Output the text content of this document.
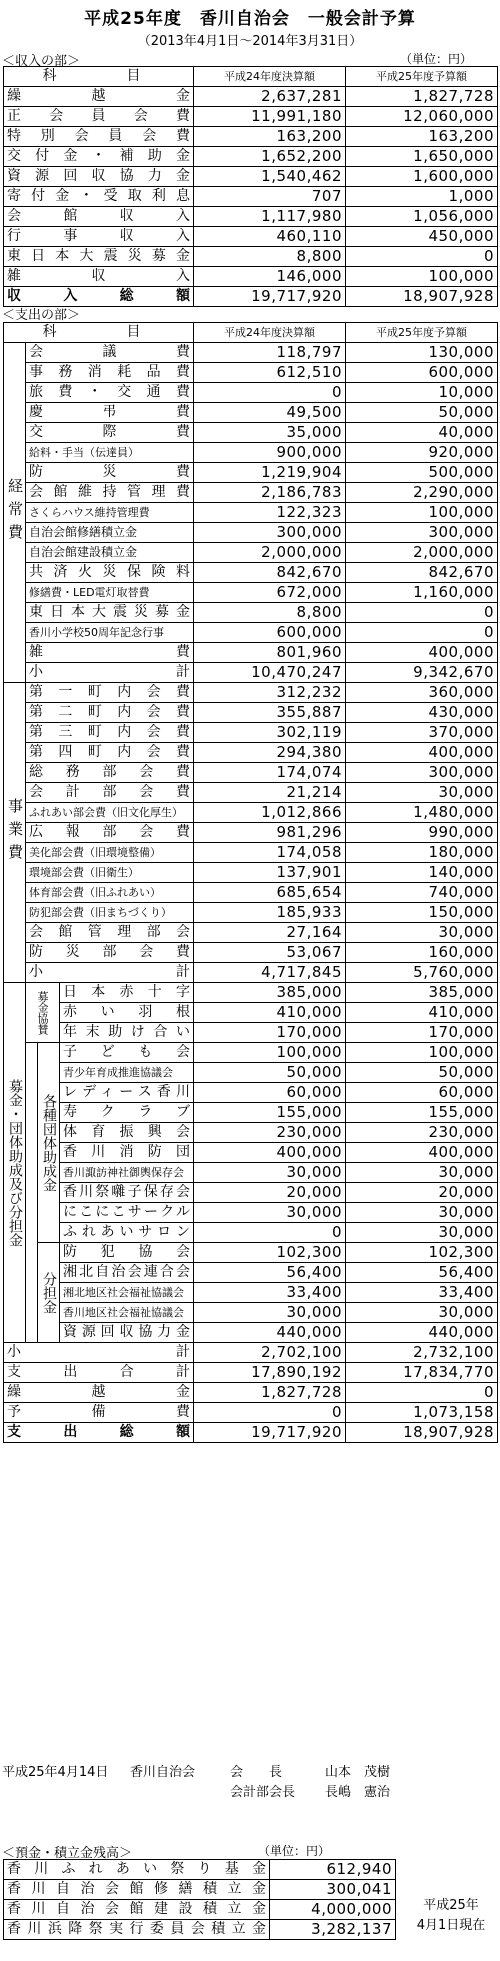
平成25年度　香川自治会　一般会計予算
（2013年4月1日～2014年3月31日）
＜収入の部＞	（単位：円）
科　　目	平成24年度決算額	平成25年度予算額
繰越金	2,637,281	1,827,728
正会員会費	11,991,180	12,060,000
特別会員会費	163,200	163,200
交付金・補助金	1,652,200	1,650,000
資源回収協力金	1,540,462	1,600,000
寄付金・受取利息	707	1,000
会館収入	1,117,980	1,056,000
行事収入	460,110	450,000
東日本大震災募金	8,800	0
雑収入	146,000	100,000
収入総額	19,717,920	18,907,928
＜支出の部＞
科　　目				平成24年度決算額	平成25年度予算額
経常費	会議費			118,797	130,000
	事務消耗品費			612,510	600,000
	旅費・交通費			0	10,000
	慶弔費			49,500	50,000
	交際費			35,000	40,000
	給料・手当（伝達員）			900,000	920,000
	防災費			1,219,904	500,000
	会館維持管理費			2,186,783	2,290,000
	さくらハウス維持管理費			122,323	100,000
	自治会館修繕積立金			300,000	300,000
	自治会館建設積立金			2,000,000	2,000,000
	共済火災保険料			842,670	842,670
	修繕費・LED電灯取替費			672,000	1,160,000
	東日本大震災募金			8,800	0
	香川小学校50周年記念行事			600,000	0
	雑費			801,960	400,000
	小計			10,470,247	9,342,670
事業費	第一町内会費			312,232	360,000
	第二町内会費			355,887	430,000
	第三町内会費			302,119	370,000
	第四町内会費			294,380	400,000
	総務部会費			174,074	300,000
	会計部会費			21,214	30,000
	ふれあい部会費（旧文化厚生）			1,012,866	1,480,000
	広報部会費			981,296	990,000
	美化部会費（旧環境整備）			174,058	180,000
	環境部会費（旧衛生）			137,901	140,000
	体育部会費（旧ふれあい）			685,654	740,000
	防犯部会費（旧まちづくり）			185,933	150,000
	会館管理部会			27,164	30,000
	防災部会費			53,067	160,000
	小計			4,717,845	5,760,000
募金・団体助成及び分担金	募金協賛		日本赤十字	385,000	385,000
			赤い羽根	410,000	410,000
			年末助け合い	170,000	170,000
		各種団体助成金	子ども会	100,000	100,000
			青少年育成推進協議会	50,000	50,000
			レディース香川	60,000	60,000
			寿クラブ	155,000	155,000
			体育振興会	230,000	230,000
			香川消防団	400,000	400,000
			香川諏訪神社御輿保存会	30,000	30,000
			香川祭囃子保存会	20,000	20,000
			にこにこサークル	30,000	30,000
			ふれあいサロン	0	30,000
		分担金	防犯協会	102,300	102,300
			湘北自治会連合会	56,400	56,400
			湘北地区社会福祉協議会	33,400	33,400
			香川地区社会福祉協議会	30,000	30,000
			資源回収協力金	440,000	440,000
小計				2,702,100	2,732,100
支出合計				17,890,192	17,834,770
繰越金				1,827,728	0
予備費				0	1,073,158
支出総額				19,717,920	18,907,928
平成25年4月14日 香川自治会	会　　長	山本　茂樹
会計部会長 長嶋　憲治
＜預金・積立金残高＞	（単位：円）
香川ふれあい祭り基金	612,940
香川自治会館修繕積立金	300,041
香川自治会館建設積立金	4,000,000
香川浜降祭実行委員会積立金	3,282,137
平成25年
4月1日現在
